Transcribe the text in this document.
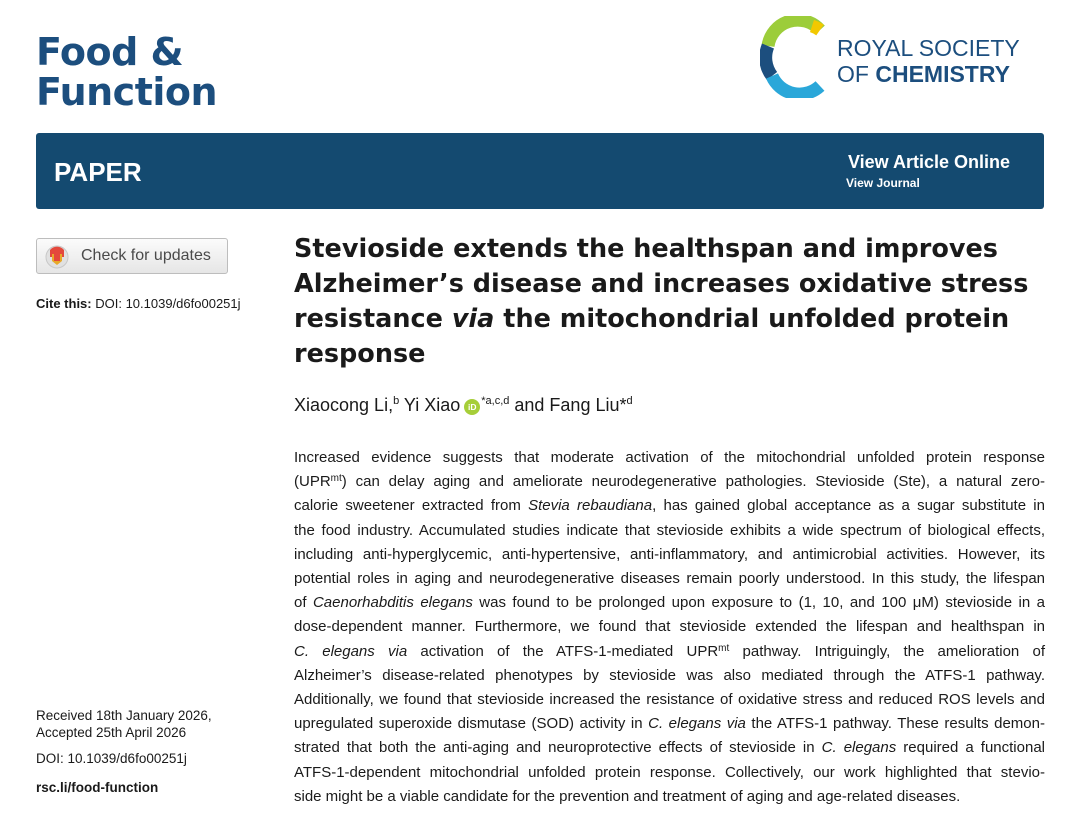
Food &
Function
ROYAL SOCIETY
OF CHEMISTRY
PAPER	View Article Online
View Journal
Check for updates
Cite this: DOI: 10.1039/d6fo00251j
Stevioside extends the healthspan and improves
Alzheimer’s disease and increases oxidative stress
resistance via the mitochondrial unfolded protein
response
Xiaocong Li,$^b$ Yi Xiao iD $^{*a,c,d}$ and Fang Liu*$^d$
Increased evidence suggests that moderate activation of the mitochondrial unfolded protein response
$(UPR^{mt})$ can delay aging and ameliorate neurodegenerative pathologies. Stevioside (Ste), a natural zero-
calorie sweetener extracted from Stevia rebaudiana, has gained global acceptance as a sugar substitute in
the food industry. Accumulated studies indicate that stevioside exhibits a wide spectrum of biological effects,
including anti-hyperglycemic, anti-hypertensive, anti-inflammatory, and antimicrobial activities. However, its
potential roles in aging and neurodegenerative diseases remain poorly understood. In this study, the lifespan
of Caenorhabditis elegans was found to be prolonged upon exposure to (1, 10, and 100 μM) stevioside in a
dose-dependent manner. Furthermore, we found that stevioside extended the lifespan and healthspan in
C. elegans via activation of the ATFS-1-mediated $UPR^{mt}$ pathway. Intriguingly, the amelioration of
Alzheimer’s disease-related phenotypes by stevioside was also mediated through the ATFS-1 pathway.
Additionally, we found that stevioside increased the resistance of oxidative stress and reduced ROS levels and
upregulated superoxide dismutase (SOD) activity in C. elegans via the ATFS-1 pathway. These results demon-
strated that both the anti-aging and neuroprotective effects of stevioside in C. elegans required a functional
ATFS-1-dependent mitochondrial unfolded protein response. Collectively, our work highlighted that stevio-
side might be a viable candidate for the prevention and treatment of aging and age-related diseases.
Received 18th January 2026,
Accepted 25th April 2026
DOI: 10.1039/d6fo00251j
rsc.li/food-function
